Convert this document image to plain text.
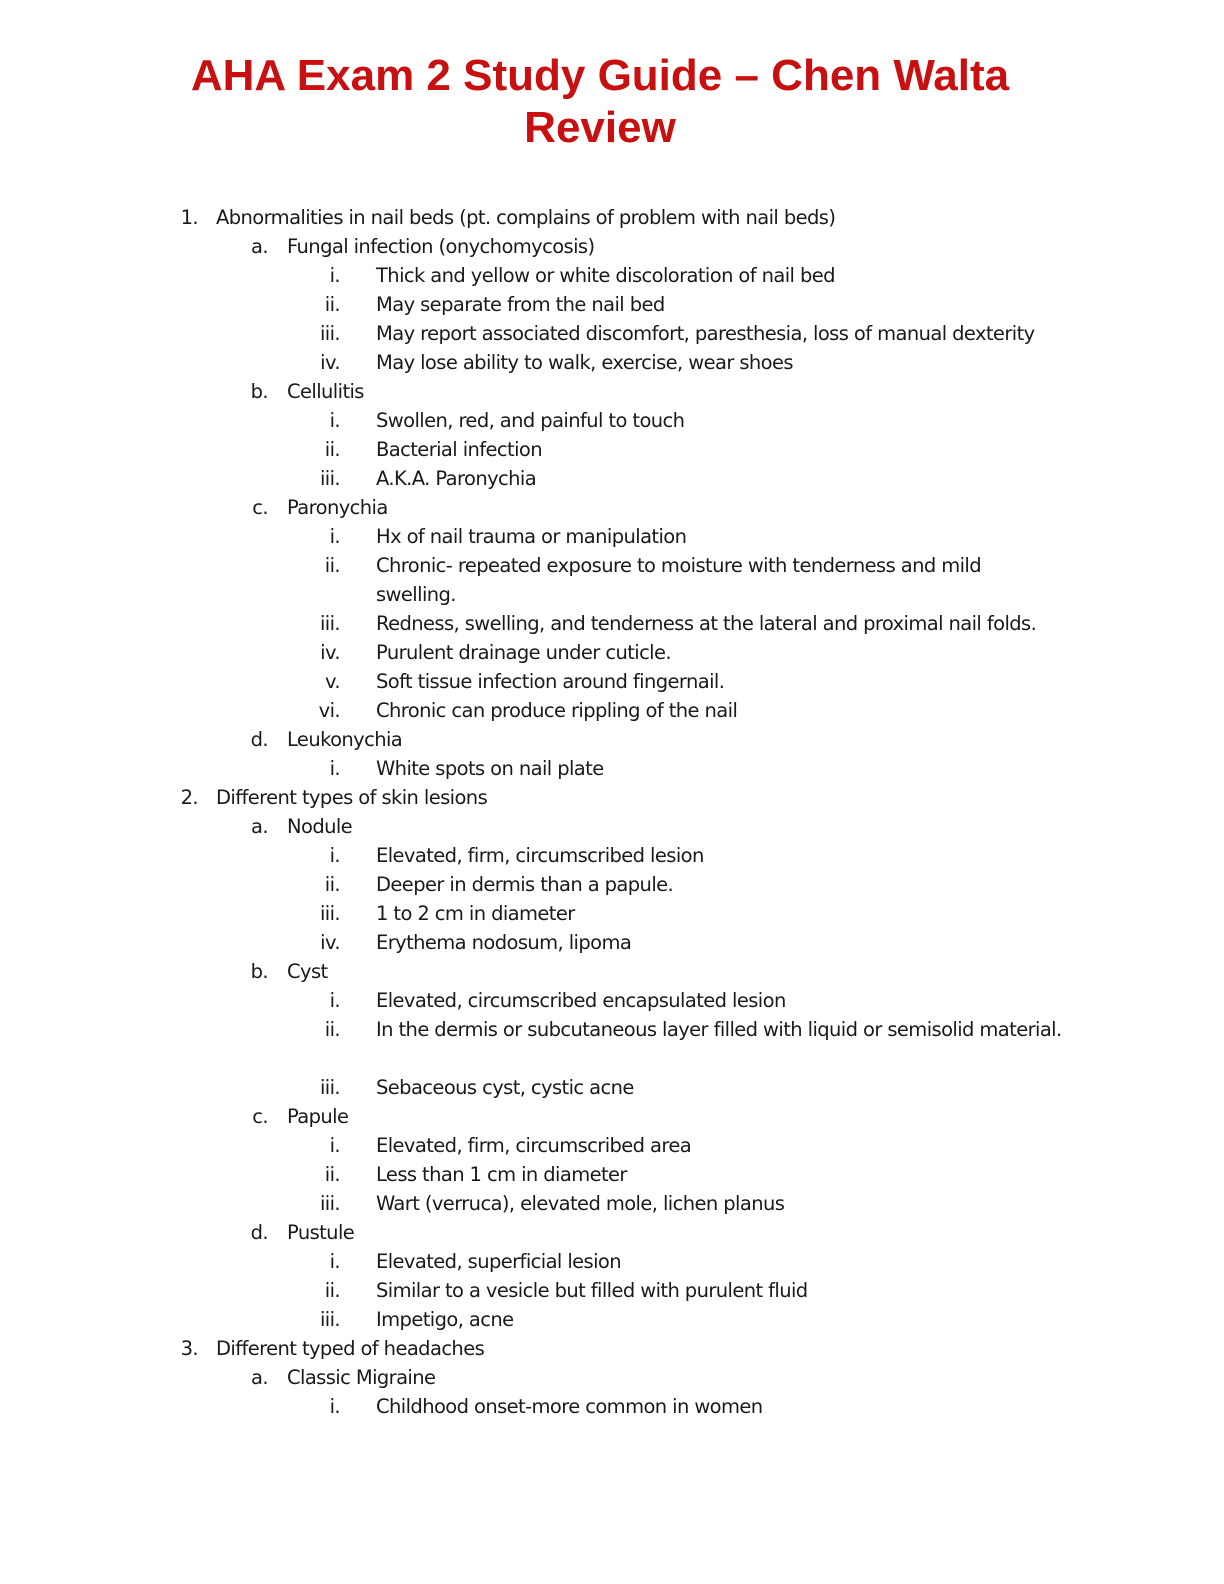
AHA Exam 2 Study Guide – Chen Walta
Review
1. Abnormalities in nail beds (pt. complains of problem with nail beds)
a. Fungal infection (onychomycosis)
i. Thick and yellow or white discoloration of nail bed
ii. May separate from the nail bed
iii. May report associated discomfort, paresthesia, loss of manual dexterity
iv. May lose ability to walk, exercise, wear shoes
b. Cellulitis
i. Swollen, red, and painful to touch
ii. Bacterial infection
iii. A.K.A. Paronychia
c. Paronychia
i. Hx of nail trauma or manipulation
ii. Chronic- repeated exposure to moisture with tenderness and mild swelling.
iii. Redness, swelling, and tenderness at the lateral and proximal nail folds.
iv. Purulent drainage under cuticle.
v. Soft tissue infection around fingernail.
vi. Chronic can produce rippling of the nail
d. Leukonychia
i. White spots on nail plate
2. Different types of skin lesions
a. Nodule
i. Elevated, firm, circumscribed lesion
ii. Deeper in dermis than a papule.
iii. 1 to 2 cm in diameter
iv. Erythema nodosum, lipoma
b. Cyst
i. Elevated, circumscribed encapsulated lesion
ii. In the dermis or subcutaneous layer filled with liquid or semisolid material.
iii. Sebaceous cyst, cystic acne
c. Papule
i. Elevated, firm, circumscribed area
ii. Less than 1 cm in diameter
iii. Wart (verruca), elevated mole, lichen planus
d. Pustule
i. Elevated, superficial lesion
ii. Similar to a vesicle but filled with purulent fluid
iii. Impetigo, acne
3. Different typed of headaches
a. Classic Migraine
i. Childhood onset-more common in women
